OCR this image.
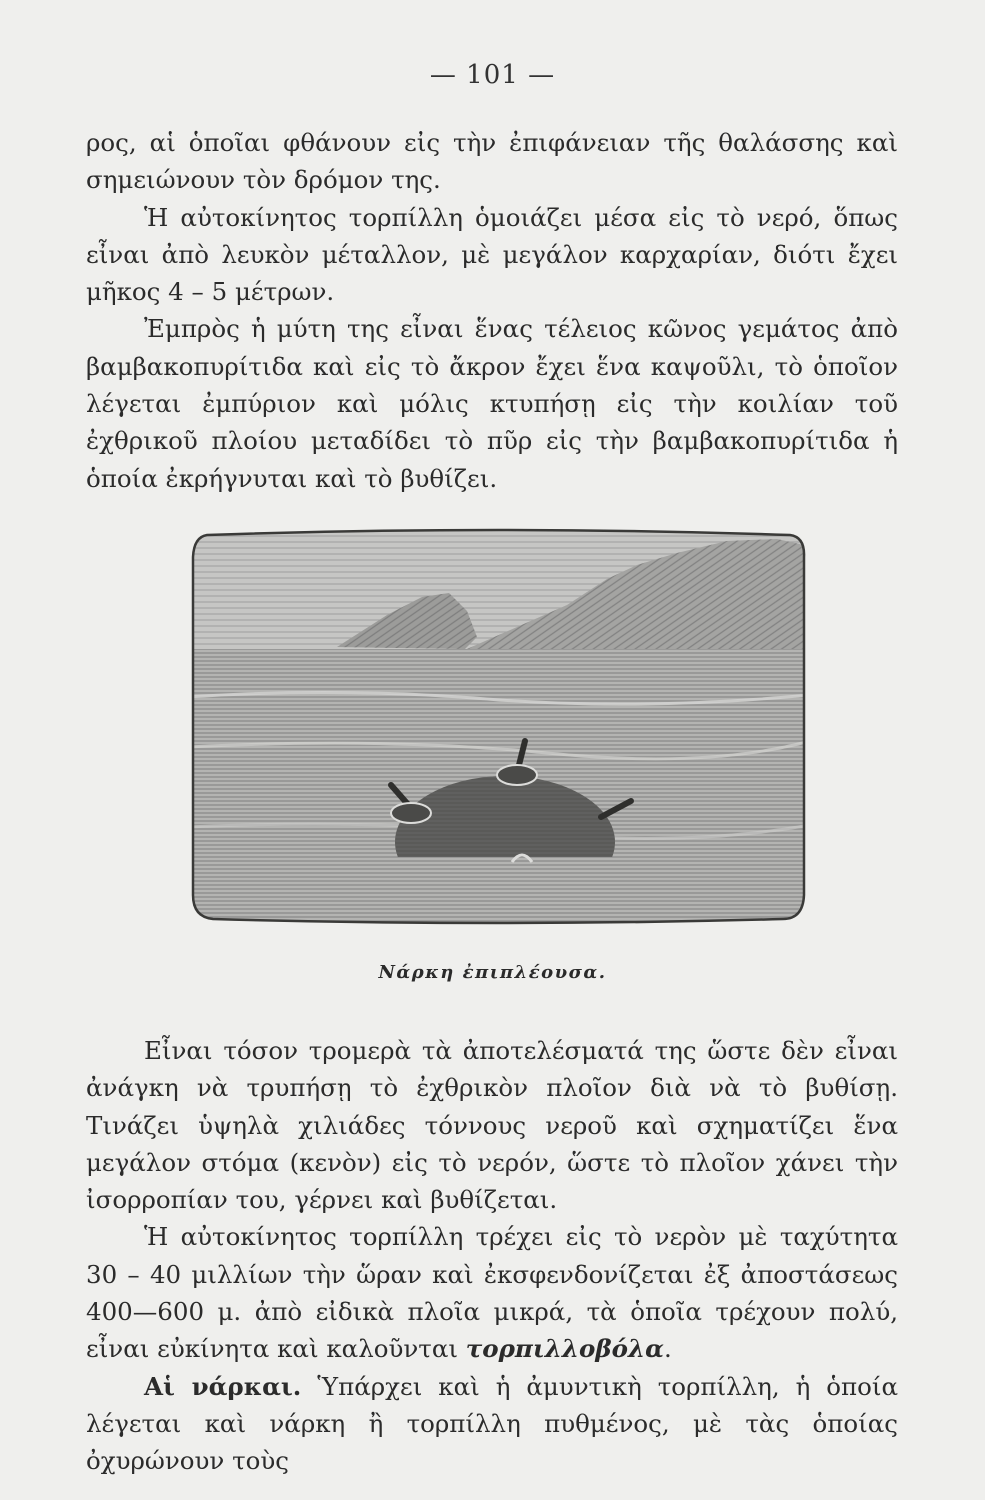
— 101 —

ρος, αἱ ὁποῖαι φθάνουν εἰς τὴν ἐπιφάνειαν τῆς θαλάσσης καὶ σημειώνουν τὸν δρόμον της.

Ἡ αὐτοκίνητος τορπίλλη ὁμοιάζει μέσα εἰς τὸ νερό, ὅπως εἶναι ἀπὸ λευκὸν μέταλλον, μὲ μεγάλον καρχαρίαν, διότι ἔχει μῆκος 4 – 5 μέτρων.

Ἐμπρὸς ἡ μύτη της εἶναι ἕνας τέλειος κῶνος γεμάτος ἀπὸ βαμβακοπυρίτιδα καὶ εἰς τὸ ἄκρον ἔχει ἕνα καψοῦλι, τὸ ὁποῖον λέγεται ἐμπύριον καὶ μόλις κτυπήσῃ εἰς τὴν κοιλίαν τοῦ ἐχθρικοῦ πλοίου μεταδίδει τὸ πῦρ εἰς τὴν βαμβακοπυρίτιδα ἡ ὁποία ἐκρήγνυται καὶ τὸ βυθίζει.

Νάρκη ἐπιπλέουσα.

Εἶναι τόσον τρομερὰ τὰ ἀποτελέσματά της ὥστε δὲν εἶναι ἀνάγκη νὰ τρυπήσῃ τὸ ἐχθρικὸν πλοῖον διὰ νὰ τὸ βυθίσῃ. Τινάζει ὑψηλὰ χιλιάδες τόννους νεροῦ καὶ σχηματίζει ἕνα μεγάλον στόμα (κενὸν) εἰς τὸ νερόν, ὥστε τὸ πλοῖον χάνει τὴν ἰσορροπίαν του, γέρνει καὶ βυθίζεται.

Ἡ αὐτοκίνητος τορπίλλη τρέχει εἰς τὸ νερὸν μὲ ταχύτητα 30 – 40 μιλλίων τὴν ὥραν καὶ ἐκσφενδονίζεται ἐξ ἀποστάσεως 400—600 μ. ἀπὸ εἰδικὰ πλοῖα μικρά, τὰ ὁποῖα τρέχουν πολύ, εἶναι εὐκίνητα καὶ καλοῦνται τορπιλλοβόλα.

Αἱ νάρκαι. Ὑπάρχει καὶ ἡ ἀμυντικὴ τορπίλλη, ἡ ὁποία λέγεται καὶ νάρκη ἢ τορπίλλη πυθμένος, μὲ τὰς ὁποίας ὀχυρώνουν τοὺς
